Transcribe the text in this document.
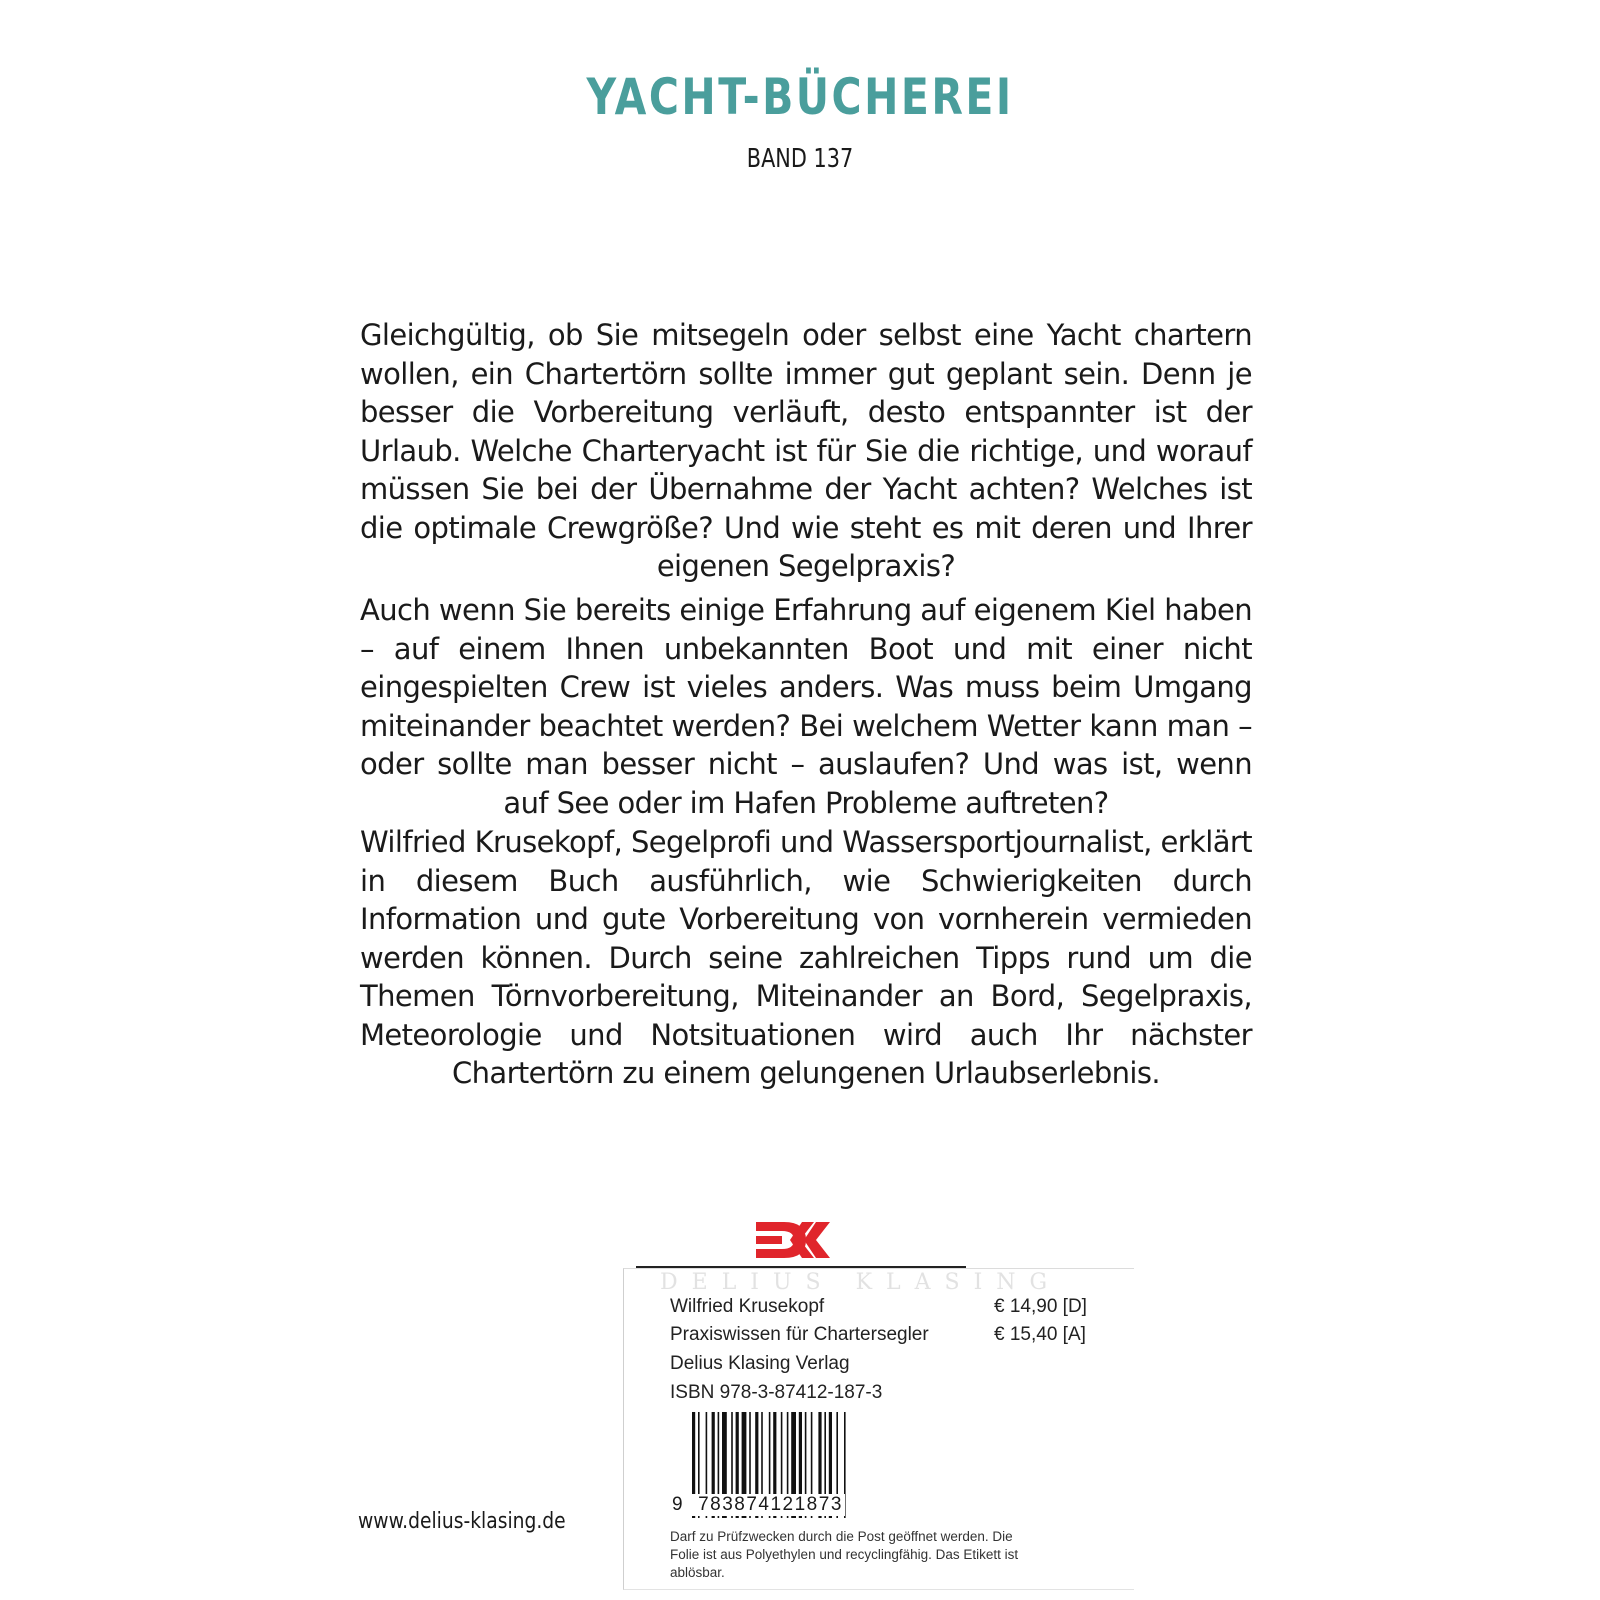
YACHT-BÜCHEREI
BAND 137
Gleichgültig, ob Sie mitsegeln oder selbst eine Yacht chartern wollen, ein Chartertörn sollte immer gut geplant sein. Denn je besser die Vorbereitung verläuft, desto entspannter ist der Urlaub. Welche Charteryacht ist für Sie die richtige, und worauf müssen Sie bei der Übernahme der Yacht achten? Welches ist die optimale Crewgröße? Und wie steht es mit deren und Ihrer eigenen Segelpraxis?
Auch wenn Sie bereits einige Erfahrung auf eigenem Kiel haben – auf einem Ihnen unbekannten Boot und mit einer nicht eingespielten Crew ist vieles anders. Was muss beim Umgang miteinander beachtet werden? Bei welchem Wetter kann man – oder sollte man besser nicht – auslaufen? Und was ist, wenn auf See oder im Hafen Probleme auftreten?
Wilfried Krusekopf, Segelprofi und Wassersportjournalist, erklärt in diesem Buch ausführlich, wie Schwierigkeiten durch Information und gute Vorbereitung von vornherein vermieden werden können. Durch seine zahlreichen Tipps rund um die Themen Törnvorbereitung, Miteinander an Bord, Segelpraxis, Meteorologie und Notsituationen wird auch Ihr nächster Chartertörn zu einem gelungenen Urlaubserlebnis.
DELIUS KLASING
Wilfried Krusekopf
Praxiswissen für Chartersegler
Delius Klasing Verlag
ISBN 978-3-87412-187-3
€ 14,90 [D]
€ 15,40 [A]
9 783874121873
Darf zu Prüfzwecken durch die Post geöffnet werden. Die Folie ist aus Polyethylen und recyclingfähig. Das Etikett ist ablösbar.
www.delius-klasing.de
